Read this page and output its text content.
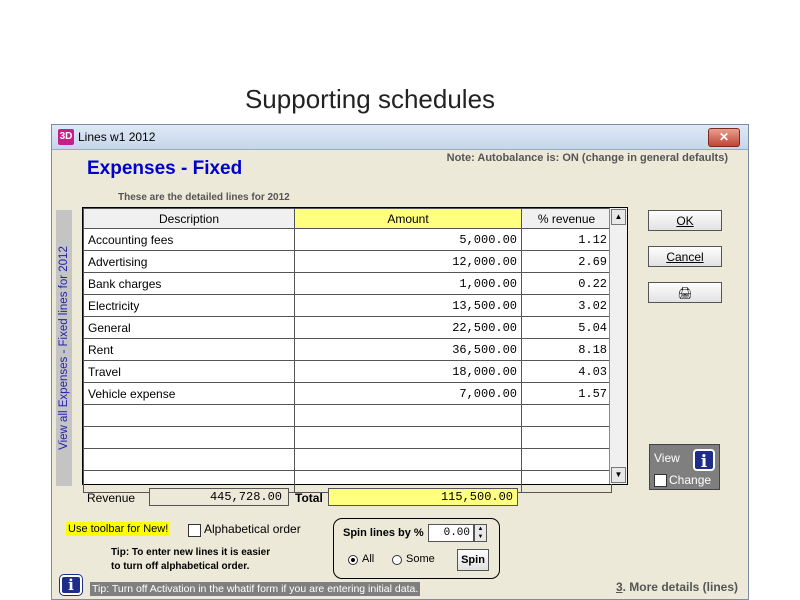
Supporting schedules
3D Lines w1 2012	✕
Expenses - Fixed	Note: Autobalance is: ON (change in general defaults)
These are the detailed lines for 2012
View all Expenses - Fixed lines for 2012
Description	Amount	% revenue
Accounting fees	5,000.00	1.12
Advertising	12,000.00	2.69
Bank charges	1,000.00	0.22
Electricity	13,500.00	3.02
General	22,500.00	5.04
Rent	36,500.00	8.18
Travel	18,000.00	4.03
Vehicle expense	7,000.00	1.57

▲
▼
OK
Cancel
🖨
View	i
Change
Revenue	445,728.00	Total	115,500.00
Use toolbar for New!	Alphabetical order
Tip: To enter new lines it is easier
to turn off alphabetical order.
Spin lines by %	0.00	▲
▼
All	Some	Spin
i	Tip: Turn off Activation in the whatif form if you are entering initial data.	3. More details (lines)
